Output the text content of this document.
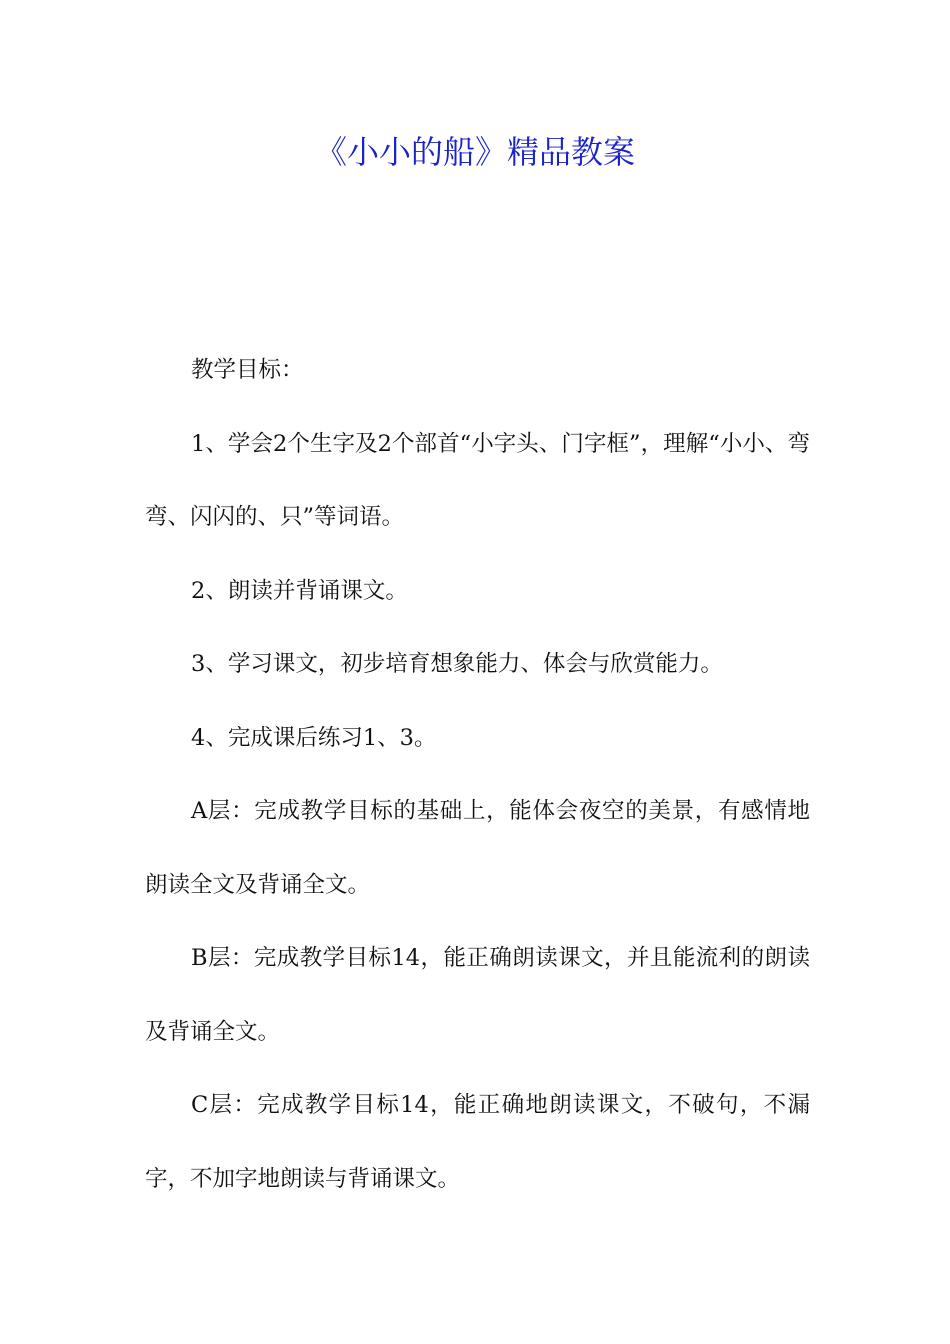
《小小的船》精品教案

教学目标：

1、学会2个生字及2个部首“小字头、门字框”，理解“小小、弯弯、闪闪的、只”等词语。

2、朗读并背诵课文。

3、学习课文，初步培育想象能力、体会与欣赏能力。

4、完成课后练习1、3。

A层：完成教学目标的基础上，能体会夜空的美景，有感情地朗读全文及背诵全文。

B层：完成教学目标14，能正确朗读课文，并且能流利的朗读及背诵全文。

C层：完成教学目标14，能正确地朗读课文，不破句，不漏字，不加字地朗读与背诵课文。
